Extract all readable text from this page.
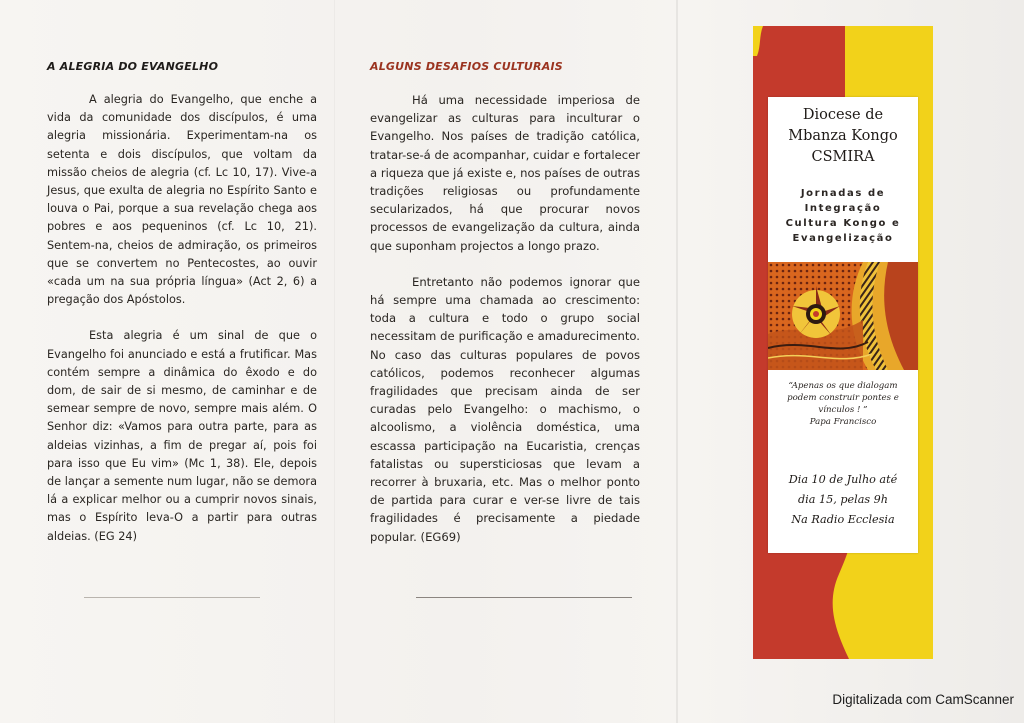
A ALEGRIA DO EVANGELHO

A alegria do Evangelho, que enche a vida da comunidade dos discípulos, é uma alegria missionária. Experimentam-na os setenta e dois discípulos, que voltam da missão cheios de alegria (cf. Lc 10, 17). Vive-a Jesus, que exulta de alegria no Espírito Santo e louva o Pai, porque a sua revelação chega aos pobres e aos pequeninos (cf. Lc 10, 21). Sentem-na, cheios de admiração, os primeiros que se convertem no Pentecostes, ao ouvir «cada um na sua própria língua» (Act 2, 6) a pregação dos Apóstolos.

Esta alegria é um sinal de que o Evangelho foi anunciado e está a frutificar. Mas contém sempre a dinâmica do êxodo e do dom, de sair de si mesmo, de caminhar e de semear sempre de novo, sempre mais além. O Senhor diz: «Vamos para outra parte, para as aldeias vizinhas, a fim de pregar aí, pois foi para isso que Eu vim» (Mc 1, 38). Ele, depois de lançar a semente num lugar, não se demora lá a explicar melhor ou a cumprir novos sinais, mas o Espírito leva-O a partir para outras aldeias. (EG 24)

ALGUNS DESAFIOS CULTURAIS

Há uma necessidade imperiosa de evangelizar as culturas para inculturar o Evangelho. Nos países de tradição católica, tratar-se-á de acompanhar, cuidar e fortalecer a riqueza que já existe e, nos países de outras tradições religiosas ou profundamente secularizados, há que procurar novos processos de evangelização da cultura, ainda que suponham projectos a longo prazo.

Entretanto não podemos ignorar que há sempre uma chamada ao crescimento: toda a cultura e todo o grupo social necessitam de purificação e amadurecimento. No caso das culturas populares de povos católicos, podemos reconhecer algumas fragilidades que precisam ainda de ser curadas pelo Evangelho: o machismo, o alcoolismo, a violência doméstica, uma escassa participação na Eucaristia, crenças fatalistas ou supersticiosas que levam a recorrer à bruxaria, etc. Mas o melhor ponto de partida para curar e ver-se livre de tais fragilidades é precisamente a piedade popular. (EG69)

Diocese de
Mbanza Kongo
CSMIRA
Jornadas de
Integração
Cultura Kongo e
Evangelização
“Apenas os que dialogam
podem construir pontes e
vínculos ! ”
Papa Francisco
Dia 10 de Julho até
dia 15, pelas 9h
Na Radio Ecclesia
Digitalizada com CamScanner
